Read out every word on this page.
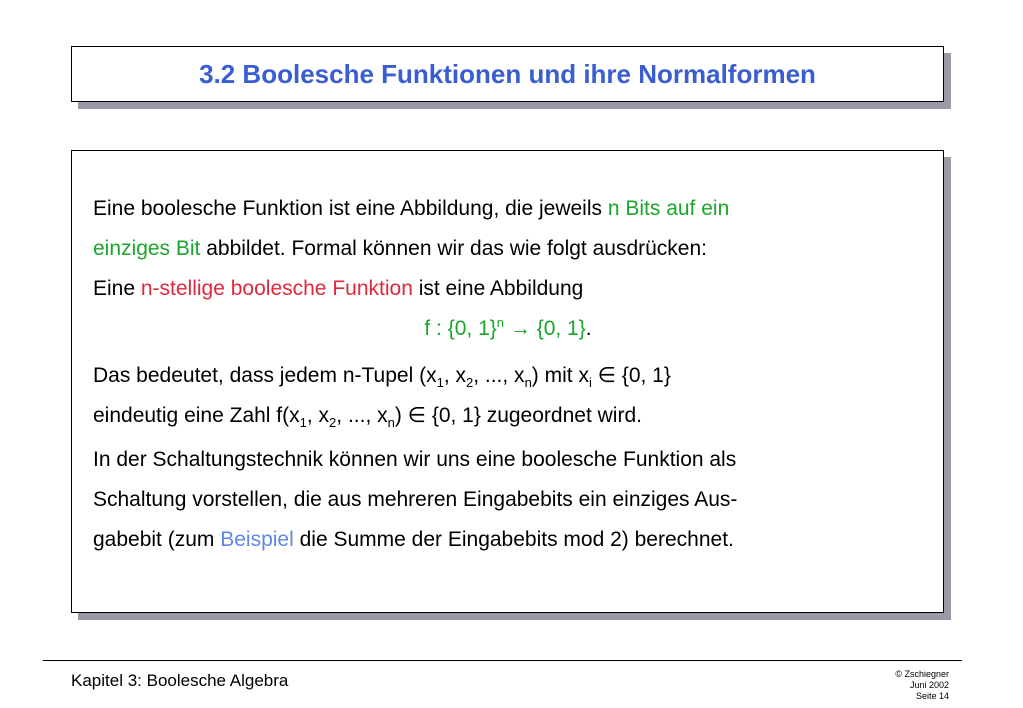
3.2 Boolesche Funktionen und ihre Normalformen

Eine boolesche Funktion ist eine Abbildung, die jeweils n Bits auf ein
einziges Bit abbildet. Formal können wir das wie folgt ausdrücken:
Eine n-stellige boolesche Funktion ist eine Abbildung

f : {0, 1}$^n$ → {0, 1}.

Das bedeutet, dass jedem n-Tupel ($x_1$, $x_2$, ..., $x_n$) mit $x_i$ ∈ {0, 1}
eindeutig eine Zahl $f(x_1$, $x_2$, ..., $x_n$) ∈ {0, 1} zugeordnet wird.

In der Schaltungstechnik können wir uns eine boolesche Funktion als
Schaltung vorstellen, die aus mehreren Eingabebits ein einziges Aus-
gabebit (zum Beispiel die Summe der Eingabebits mod 2) berechnet.

Kapitel 3: Boolesche Algebra	© Zschiegner
Juni 2002
Seite 14
